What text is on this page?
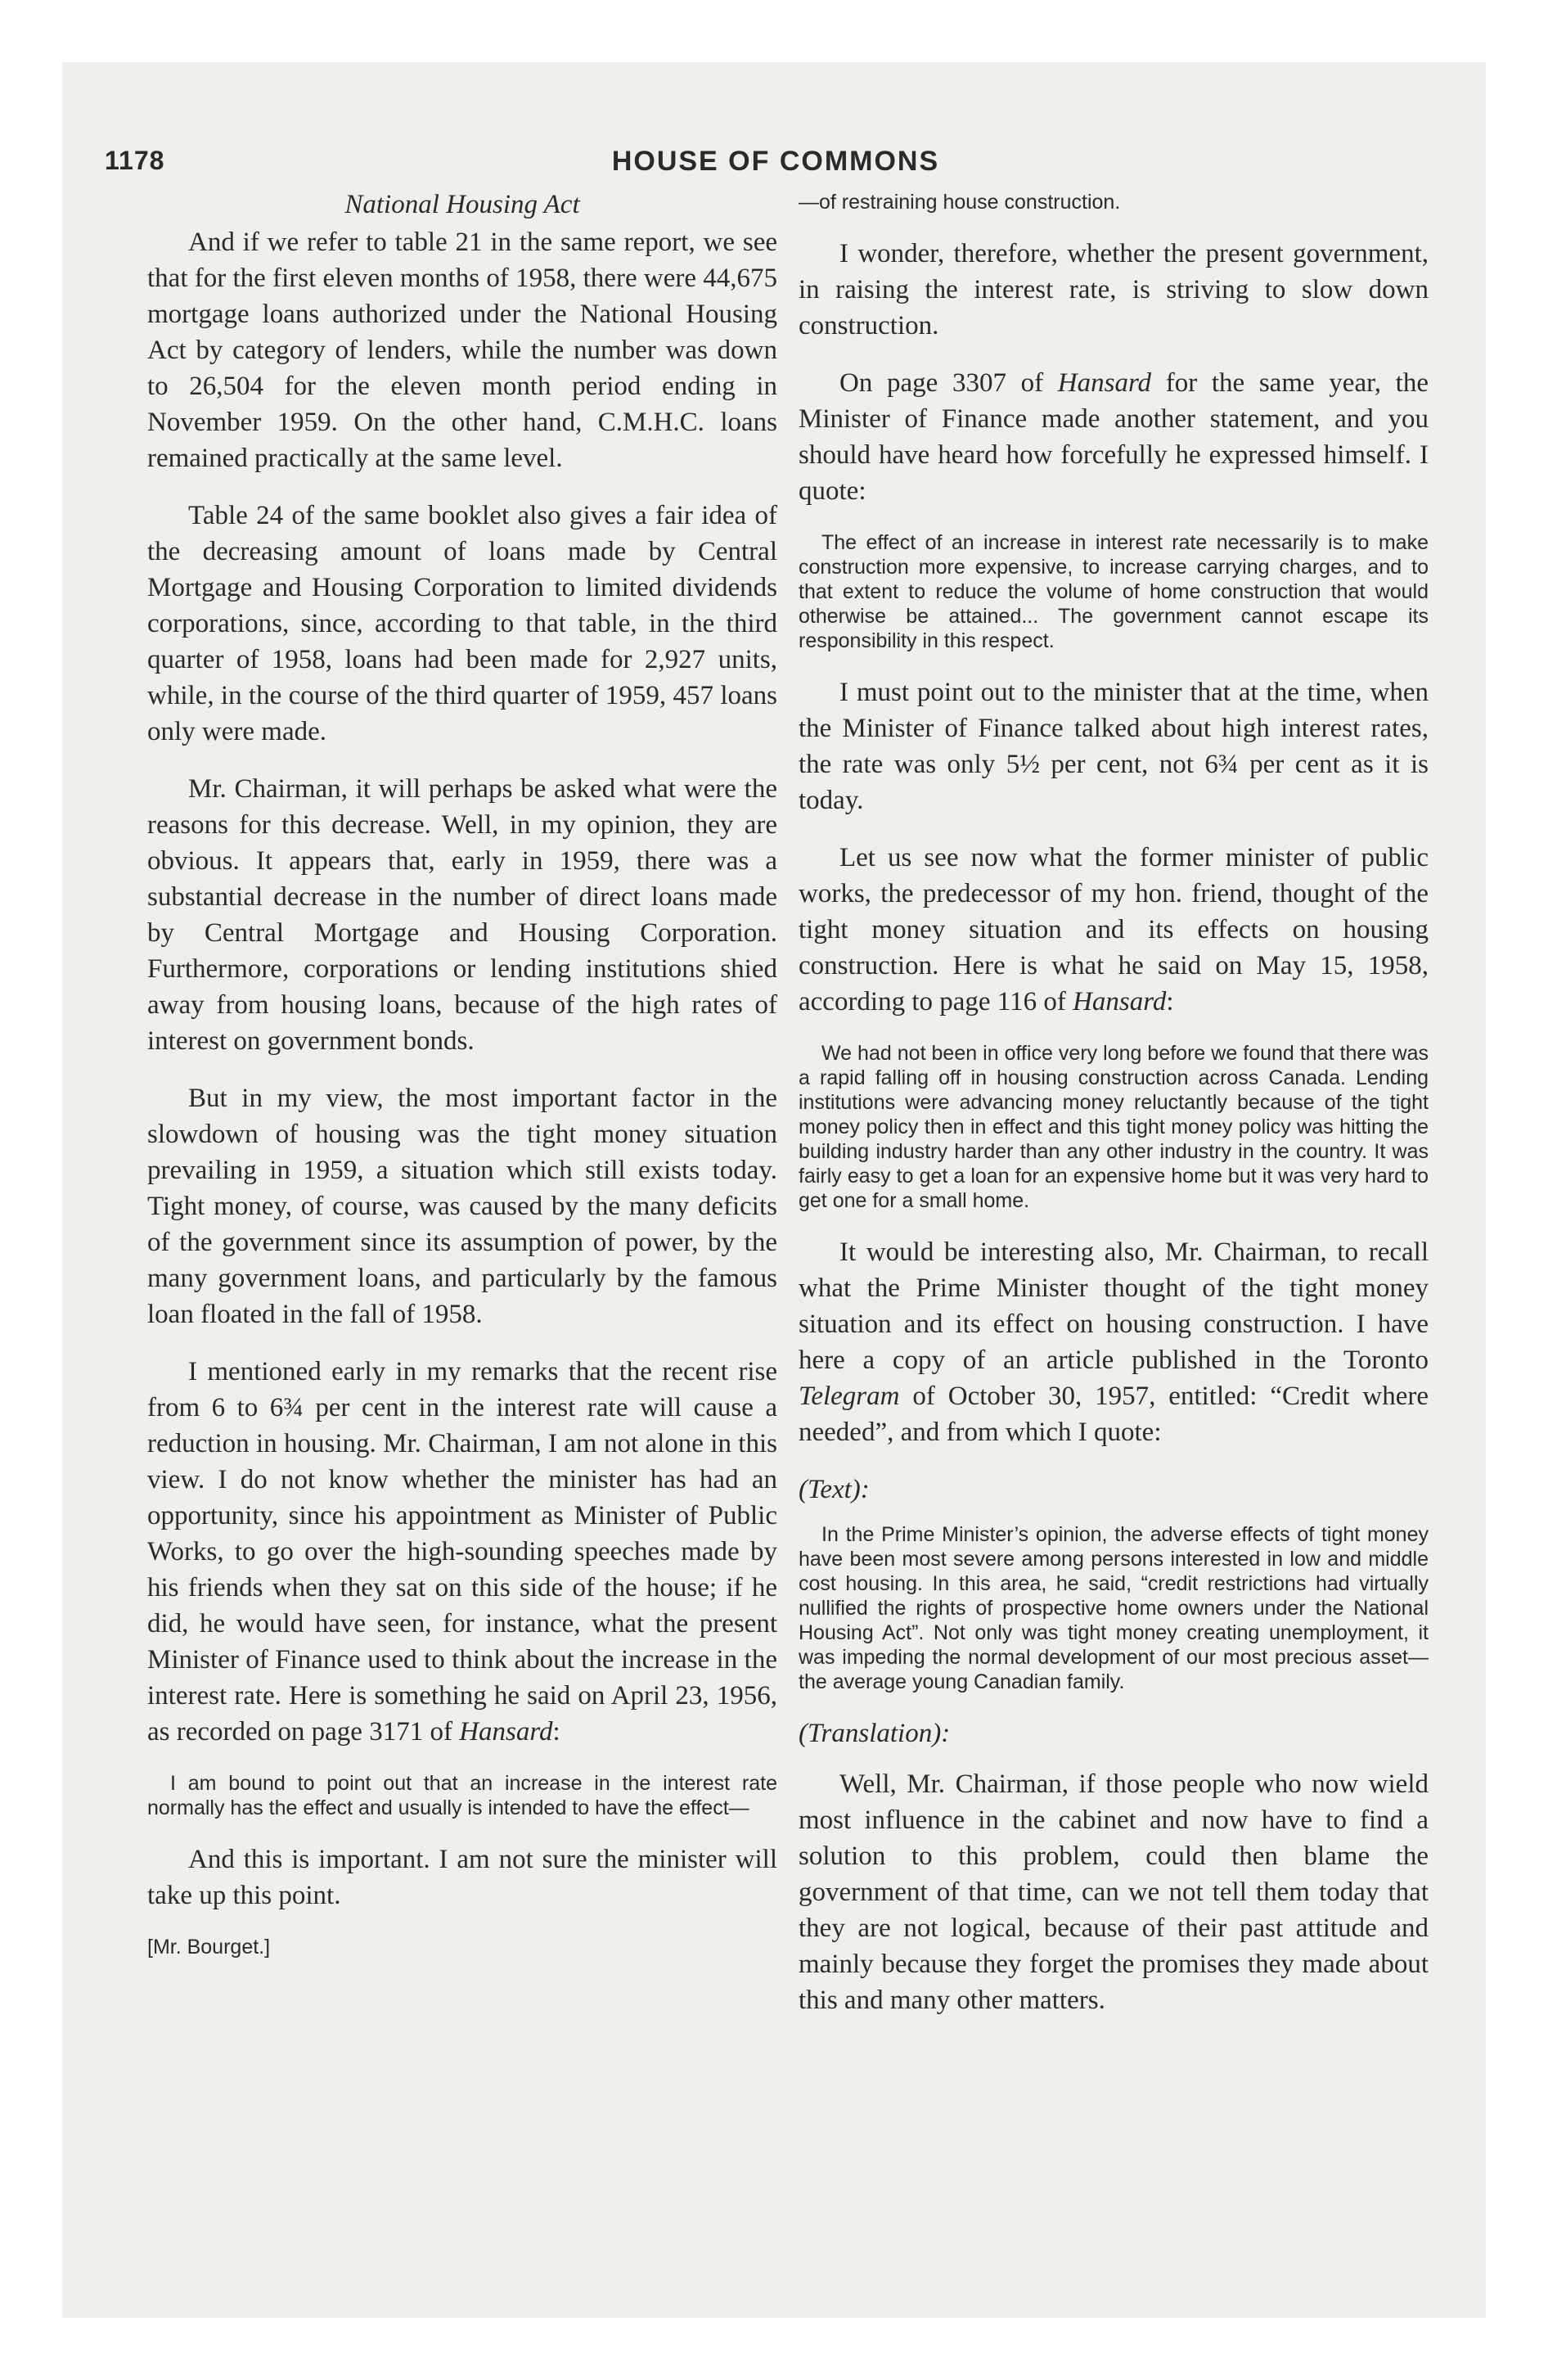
1178	HOUSE OF COMMONS
National Housing Act

And if we refer to table 21 in the same report, we see that for the first eleven months of 1958, there were 44,675 mortgage loans authorized under the National Housing Act by category of lenders, while the number was down to 26,504 for the eleven month period ending in November 1959. On the other hand, C.M.H.C. loans remained practically at the same level.

Table 24 of the same booklet also gives a fair idea of the decreasing amount of loans made by Central Mortgage and Housing Corporation to limited dividends corporations, since, according to that table, in the third quarter of 1958, loans had been made for 2,927 units, while, in the course of the third quarter of 1959, 457 loans only were made.

Mr. Chairman, it will perhaps be asked what were the reasons for this decrease. Well, in my opinion, they are obvious. It appears that, early in 1959, there was a substantial decrease in the number of direct loans made by Central Mortgage and Housing Corporation. Furthermore, corporations or lending institutions shied away from housing loans, because of the high rates of interest on government bonds.

But in my view, the most important factor in the slowdown of housing was the tight money situation prevailing in 1959, a situation which still exists today. Tight money, of course, was caused by the many deficits of the government since its assumption of power, by the many government loans, and particularly by the famous loan floated in the fall of 1958.

I mentioned early in my remarks that the recent rise from 6 to 6¾ per cent in the interest rate will cause a reduction in housing. Mr. Chairman, I am not alone in this view. I do not know whether the minister has had an opportunity, since his appointment as Minister of Public Works, to go over the high-sounding speeches made by his friends when they sat on this side of the house; if he did, he would have seen, for instance, what the present Minister of Finance used to think about the increase in the interest rate. Here is something he said on April 23, 1956, as recorded on page 3171 of Hansard:

I am bound to point out that an increase in the interest rate normally has the effect and usually is intended to have the effect—

And this is important. I am not sure the minister will take up this point.

[Mr. Bourget.]

—of restraining house construction.

I wonder, therefore, whether the present government, in raising the interest rate, is striving to slow down construction.

On page 3307 of Hansard for the same year, the Minister of Finance made another statement, and you should have heard how forcefully he expressed himself. I quote:

The effect of an increase in interest rate necessarily is to make construction more expensive, to increase carrying charges, and to that extent to reduce the volume of home construction that would otherwise be attained... The government cannot escape its responsibility in this respect.

I must point out to the minister that at the time, when the Minister of Finance talked about high interest rates, the rate was only 5½ per cent, not 6¾ per cent as it is today.

Let us see now what the former minister of public works, the predecessor of my hon. friend, thought of the tight money situation and its effects on housing construction. Here is what he said on May 15, 1958, according to page 116 of Hansard:

We had not been in office very long before we found that there was a rapid falling off in housing construction across Canada. Lending institutions were advancing money reluctantly because of the tight money policy then in effect and this tight money policy was hitting the building industry harder than any other industry in the country. It was fairly easy to get a loan for an expensive home but it was very hard to get one for a small home.

It would be interesting also, Mr. Chairman, to recall what the Prime Minister thought of the tight money situation and its effect on housing construction. I have here a copy of an article published in the Toronto Telegram of October 30, 1957, entitled: “Credit where needed”, and from which I quote:

(Text):

In the Prime Minister’s opinion, the adverse effects of tight money have been most severe among persons interested in low and middle cost housing. In this area, he said, “credit restrictions had virtually nullified the rights of prospective home owners under the National Housing Act”. Not only was tight money creating unemployment, it was impeding the normal development of our most precious asset—the average young Canadian family.

(Translation):

Well, Mr. Chairman, if those people who now wield most influence in the cabinet and now have to find a solution to this problem, could then blame the government of that time, can we not tell them today that they are not logical, because of their past attitude and mainly because they forget the promises they made about this and many other matters.
